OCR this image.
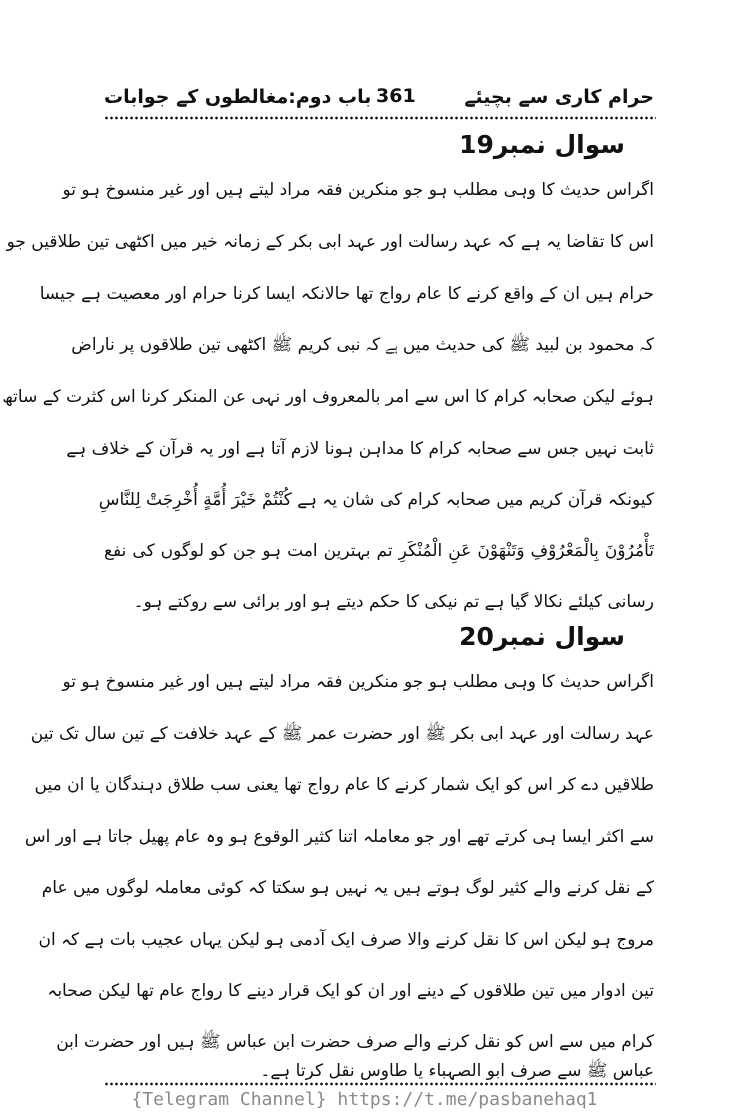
حرام کاری سے بچیئے
361
باب دوم:مغالطوں کے جوابات
سوال نمبر19
اگراس حدیث کا وہی مطلب ہو جو منکرین فقہ مراد لیتے ہیں اور غیر منسوخ ہو تو
اس کا تقاضا یہ ہے کہ عہد رسالت اور عہد ابی بکر کے زمانہ خیر میں اکٹھی تین طلاقیں جو
حرام ہیں ان کے واقع کرنے کا عام رواج تھا حالانکہ ایسا کرنا حرام اور معصیت ہے جیسا
کہ محمود بن لبید ﷺ کی حدیث میں ہے کہ نبی کریم ﷺ اکٹھی تین طلاقوں پر ناراض
ہوئے لیکن صحابہ کرام کا اس سے امر بالمعروف اور نہی عن المنکر کرنا اس کثرت کے ساتھ
ثابت نہیں جس سے صحابہ کرام کا مداہن ہونا لازم آتا ہے اور یہ قرآن کے خلاف ہے
کیونکہ قرآن کریم میں صحابہ کرام کی شان یہ ہے كُنْتُمْ خَيْرَ أُمَّةٍ أُخْرِجَتْ لِلنَّاسِ
تَأْمُرُوْنَ بِالْمَعْرُوْفِ وَتَنْهَوْنَ عَنِ الْمُنْكَرِ تم بہترین امت ہو جن کو لوگوں کی نفع
رسانی کیلئے نکالا گیا ہے تم نیکی کا حکم دیتے ہو اور برائی سے روکتے ہو۔
سوال نمبر20
اگراس حدیث کا وہی مطلب ہو جو منکرین فقہ مراد لیتے ہیں اور غیر منسوخ ہو تو
عہد رسالت اور عہد ابی بکر ﷺ اور حضرت عمر ﷺ کے عہد خلافت کے تین سال تک تین
طلاقیں دے کر اس کو ایک شمار کرنے کا عام رواج تھا یعنی سب طلاق دہندگان یا ان میں
سے اکثر ایسا ہی کرتے تھے اور جو معاملہ اتنا کثیر الوقوع ہو وہ عام پھیل جاتا ہے اور اس
کے نقل کرنے والے کثیر لوگ ہوتے ہیں یہ نہیں ہو سکتا کہ کوئی معاملہ لوگوں میں عام
مروج ہو لیکن اس کا نقل کرنے والا صرف ایک آدمی ہو لیکن یہاں عجیب بات ہے کہ ان
تین ادوار میں تین طلاقوں کے دینے اور ان کو ایک قرار دینے کا رواج عام تھا لیکن صحابہ
کرام میں سے اس کو نقل کرنے والے صرف حضرت ابن عباس ﷺ ہیں اور حضرت ابن
عباس ﷺ سے صرف ابو الصہباء یا طاوس نقل کرتا ہے۔
{Telegram Channel} https://t.me/pasbanehaq1
